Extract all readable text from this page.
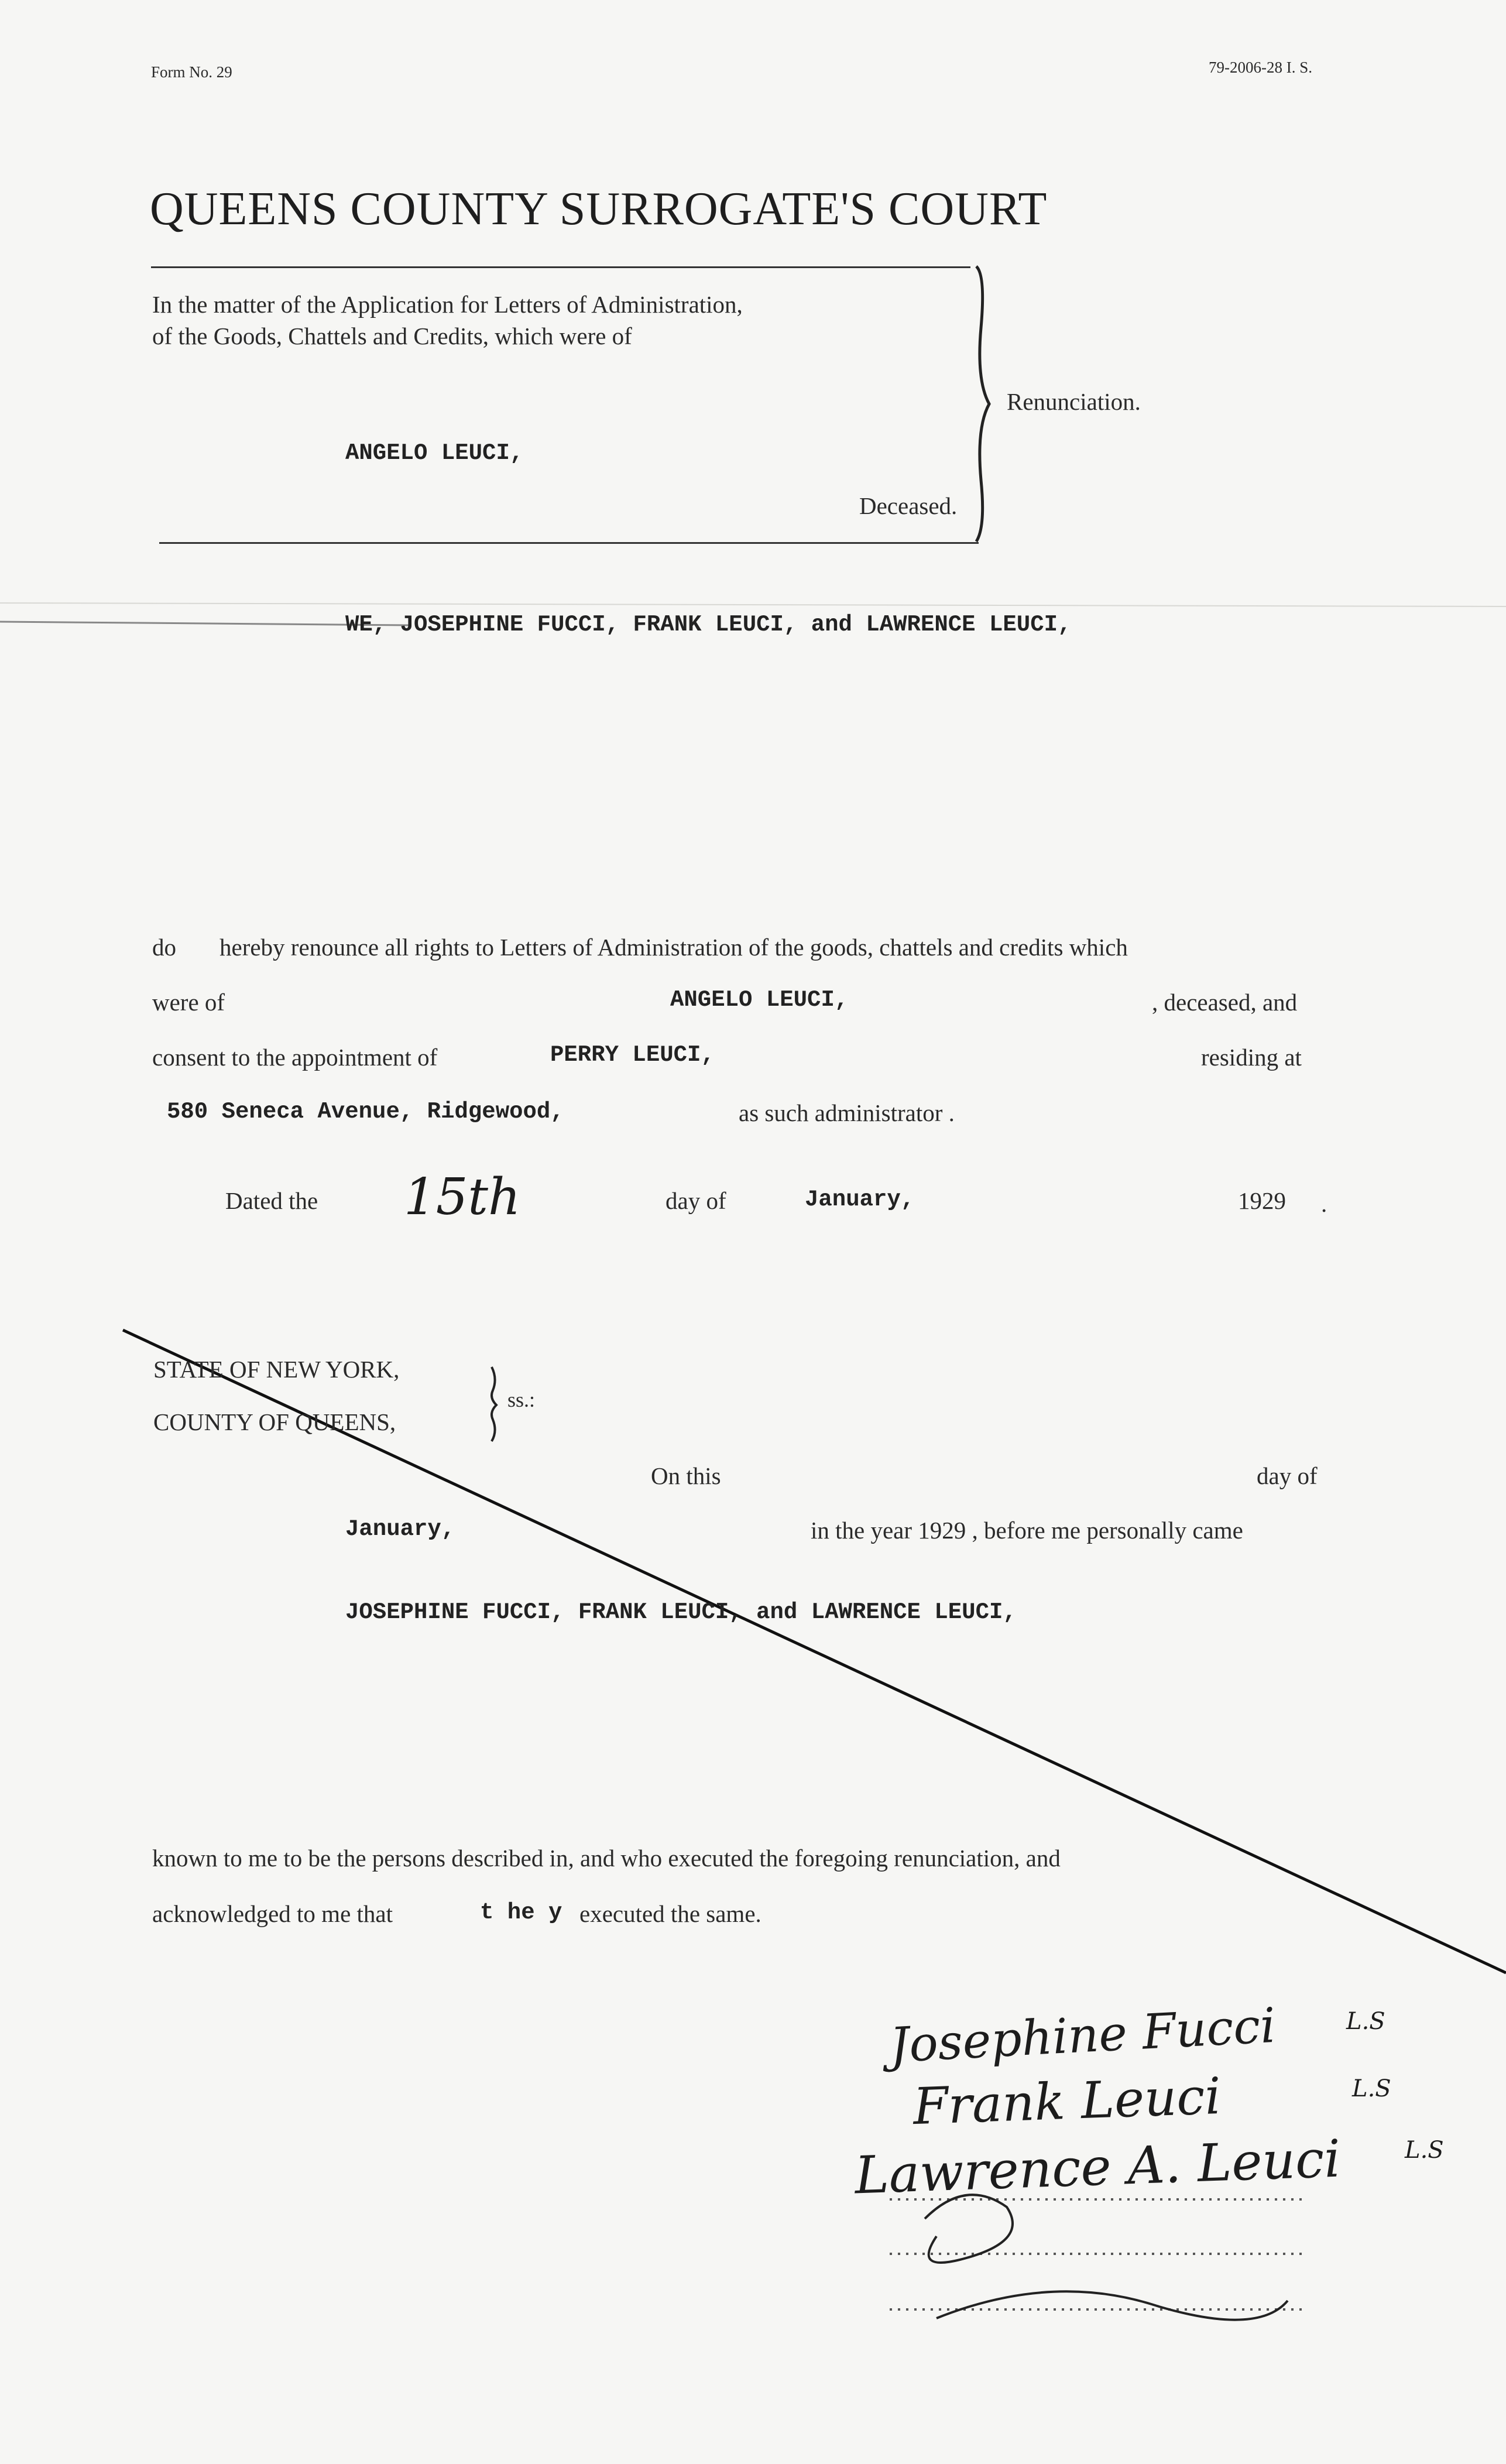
Form No. 29	79-2006-28 I. S.
QUEENS COUNTY SURROGATE'S COURT
In the matter of the Application for Letters of Administration,
of the Goods, Chattels and Credits, which were of
ANGELO LEUCI,
Deceased.
Renunciation.
WE, JOSEPHINE FUCCI, FRANK LEUCI, and LAWRENCE LEUCI,
do hereby renounce all rights to Letters of Administration of the goods, chattels and credits which
were of	ANGELO LEUCI,	, deceased, and
consent to the appointment of	PERRY LEUCI,	residing at
580 Seneca Avenue, Ridgewood,	as such administrator .
Dated the 15th	day of	January,	1929 .
STATE OF NEW YORK,
COUNTY OF QUEENS,
ss.:
On this	day of
January,	in the year 1929 , before me personally came
JOSEPHINE FUCCI, FRANK LEUCI, and LAWRENCE LEUCI,
known to me to be the persons described in, and who executed the foregoing renunciation, and
acknowledged to me that	t he y executed the same.
Josephine Fucci	L.S
Frank Leuci	L.S
Lawrence A. Leuci	L.S
